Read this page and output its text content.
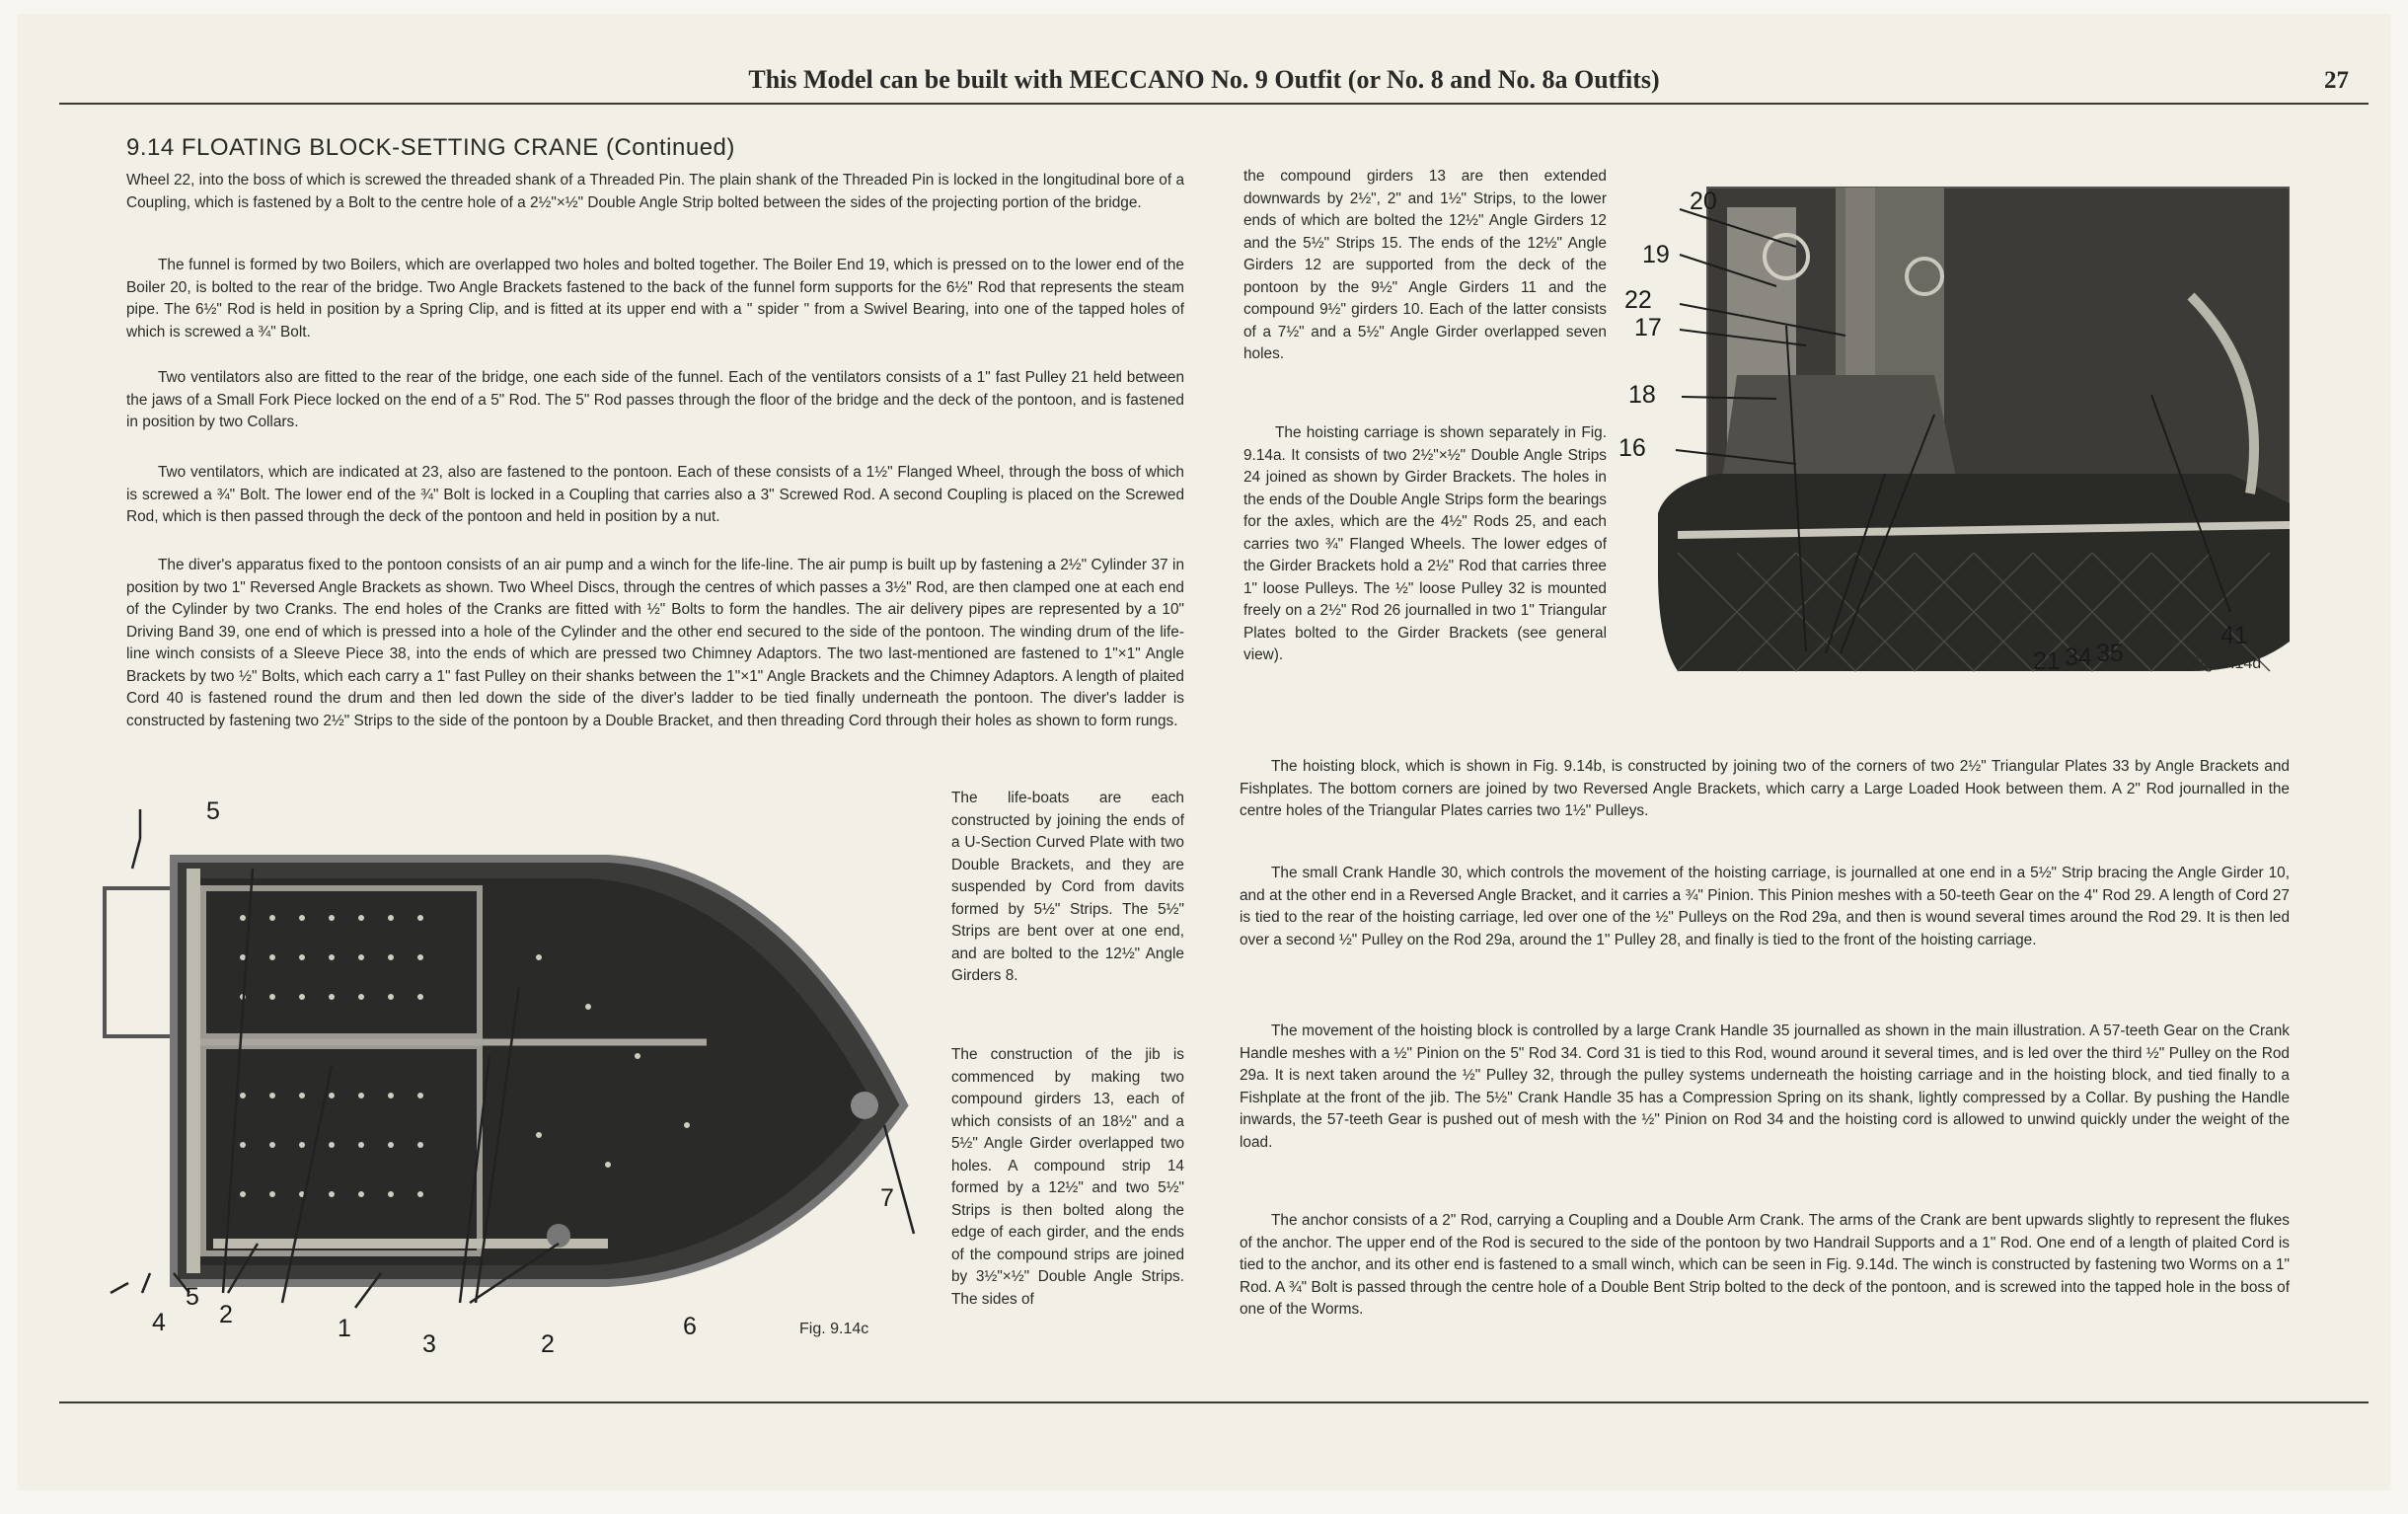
This Model can be built with MECCANO No. 9 Outfit (or No. 8 and No. 8a Outfits)	27
9.14 FLOATING BLOCK-SETTING CRANE (Continued)

Wheel 22, into the boss of which is screwed the threaded shank of a Threaded Pin. The plain shank of the Threaded Pin is locked in the longitudinal bore of a Coupling, which is fastened by a Bolt to the centre hole of a 2½"×½" Double Angle Strip bolted between the sides of the projecting portion of the bridge.

The funnel is formed by two Boilers, which are overlapped two holes and bolted together. The Boiler End 19, which is pressed on to the lower end of the Boiler 20, is bolted to the rear of the bridge. Two Angle Brackets fastened to the back of the funnel form supports for the 6½" Rod that represents the steam pipe. The 6½" Rod is held in position by a Spring Clip, and is fitted at its upper end with a " spider " from a Swivel Bearing, into one of the tapped holes of which is screwed a ¾" Bolt.

Two ventilators also are fitted to the rear of the bridge, one each side of the funnel. Each of the ventilators consists of a 1" fast Pulley 21 held between the jaws of a Small Fork Piece locked on the end of a 5" Rod. The 5" Rod passes through the floor of the bridge and the deck of the pontoon, and is fastened in position by two Collars.

Two ventilators, which are indicated at 23, also are fastened to the pontoon. Each of these consists of a 1½" Flanged Wheel, through the boss of which is screwed a ¾" Bolt. The lower end of the ¾" Bolt is locked in a Coupling that carries also a 3" Screwed Rod. A second Coupling is placed on the Screwed Rod, which is then passed through the deck of the pontoon and held in position by a nut.

The diver's apparatus fixed to the pontoon consists of an air pump and a winch for the life-line. The air pump is built up by fastening a 2½" Cylinder 37 in position by two 1" Reversed Angle Brackets as shown. Two Wheel Discs, through the centres of which passes a 3½" Rod, are then clamped one at each end of the Cylinder by two Cranks. The end holes of the Cranks are fitted with ½" Bolts to form the handles. The air delivery pipes are represented by a 10" Driving Band 39, one end of which is pressed into a hole of the Cylinder and the other end secured to the side of the pontoon. The winding drum of the life-line winch consists of a Sleeve Piece 38, into the ends of which are pressed two Chimney Adaptors. The two last-mentioned are fastened to 1"×1" Angle Brackets by two ½" Bolts, which each carry a 1" fast Pulley on their shanks between the 1"×1" Angle Brackets and the Chimney Adaptors. A length of plaited Cord 40 is fastened round the drum and then led down the side of the diver's ladder to be tied finally underneath the pontoon. The diver's ladder is constructed by fastening two 2½" Strips to the side of the pontoon by a Double Bracket, and then threading Cord through their holes as shown to form rungs.

5
4
5
2	1
3	2
6
7
Fig. 9.14c

The life-boats are each constructed by joining the ends of a U-Section Curved Plate with two Double Brackets, and they are suspended by Cord from davits formed by 5½" Strips. The 5½" Strips are bent over at one end, and are bolted to the 12½" Angle Girders 8.

The construction of the jib is commenced by making two compound girders 13, each of which consists of an 18½" and a 5½" Angle Girder overlapped two holes. A compound strip 14 formed by a 12½" and two 5½" Strips is then bolted along the edge of each girder, and the ends of the compound strips are joined by 3½"×½" Double Angle Strips. The sides of

the compound girders 13 are then extended downwards by 2½", 2" and 1½" Strips, to the lower ends of which are bolted the 12½" Angle Girders 12 and the 5½" Strips 15. The ends of the 12½" Angle Girders 12 are supported from the deck of the pontoon by the 9½" Angle Girders 11 and the compound 9½" girders 10. Each of the latter consists of a 7½" and a 5½" Angle Girder overlapped seven holes.

The hoisting carriage is shown separately in Fig. 9.14a. It consists of two 2½"×½" Double Angle Strips 24 joined as shown by Girder Brackets. The holes in the ends of the Double Angle Strips form the bearings for the axles, which are the 4½" Rods 25, and each carries two ¾" Flanged Wheels. The lower edges of the Girder Brackets hold a 2½" Rod that carries three 1" loose Pulleys. The ½" loose Pulley 32 is mounted freely on a 2½" Rod 26 journalled in two 1" Triangular Plates bolted to the Girder Brackets (see general view).

20
19
22
17
18
16
21 34 35
41
Fig. 9.14d

The hoisting block, which is shown in Fig. 9.14b, is constructed by joining two of the corners of two 2½" Triangular Plates 33 by Angle Brackets and Fishplates. The bottom corners are joined by two Reversed Angle Brackets, which carry a Large Loaded Hook between them. A 2" Rod journalled in the centre holes of the Triangular Plates carries two 1½" Pulleys.

The small Crank Handle 30, which controls the movement of the hoisting carriage, is journalled at one end in a 5½" Strip bracing the Angle Girder 10, and at the other end in a Reversed Angle Bracket, and it carries a ¾" Pinion. This Pinion meshes with a 50-teeth Gear on the 4" Rod 29. A length of Cord 27 is tied to the rear of the hoisting carriage, led over one of the ½" Pulleys on the Rod 29a, and then is wound several times around the Rod 29. It is then led over a second ½" Pulley on the Rod 29a, around the 1" Pulley 28, and finally is tied to the front of the hoisting carriage.

The movement of the hoisting block is controlled by a large Crank Handle 35 journalled as shown in the main illustration. A 57-teeth Gear on the Crank Handle meshes with a ½" Pinion on the 5" Rod 34. Cord 31 is tied to this Rod, wound around it several times, and is led over the third ½" Pulley on the Rod 29a. It is next taken around the ½" Pulley 32, through the pulley systems underneath the hoisting carriage and in the hoisting block, and tied finally to a Fishplate at the front of the jib. The 5½" Crank Handle 35 has a Compression Spring on its shank, lightly compressed by a Collar. By pushing the Handle inwards, the 57-teeth Gear is pushed out of mesh with the ½" Pinion on Rod 34 and the hoisting cord is allowed to unwind quickly under the weight of the load.

The anchor consists of a 2" Rod, carrying a Coupling and a Double Arm Crank. The arms of the Crank are bent upwards slightly to represent the flukes of the anchor. The upper end of the Rod is secured to the side of the pontoon by two Handrail Supports and a 1" Rod. One end of a length of plaited Cord is tied to the anchor, and its other end is fastened to a small winch, which can be seen in Fig. 9.14d. The winch is constructed by fastening two Worms on a 1" Rod. A ¾" Bolt is passed through the centre hole of a Double Bent Strip bolted to the deck of the pontoon, and is screwed into the tapped hole in the boss of one of the Worms.
